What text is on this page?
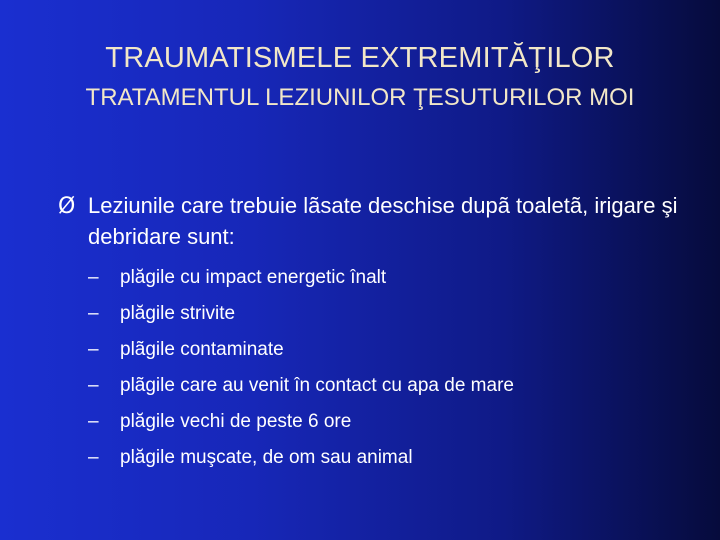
TRAUMATISMELE EXTREMITĂŢILOR
TRATAMENTUL LEZIUNILOR ŢESUTURILOR MOI
Ø Leziunile care trebuie lãsate deschise dupã toaletã, irigare şi debridare sunt:
–	plăgile cu impact energetic înalt
–	plăgile strivite
–	plãgile contaminate
–	plãgile care au venit în contact cu apa de mare
–	plăgile vechi de peste 6 ore
–	plăgile muşcate, de om sau animal
